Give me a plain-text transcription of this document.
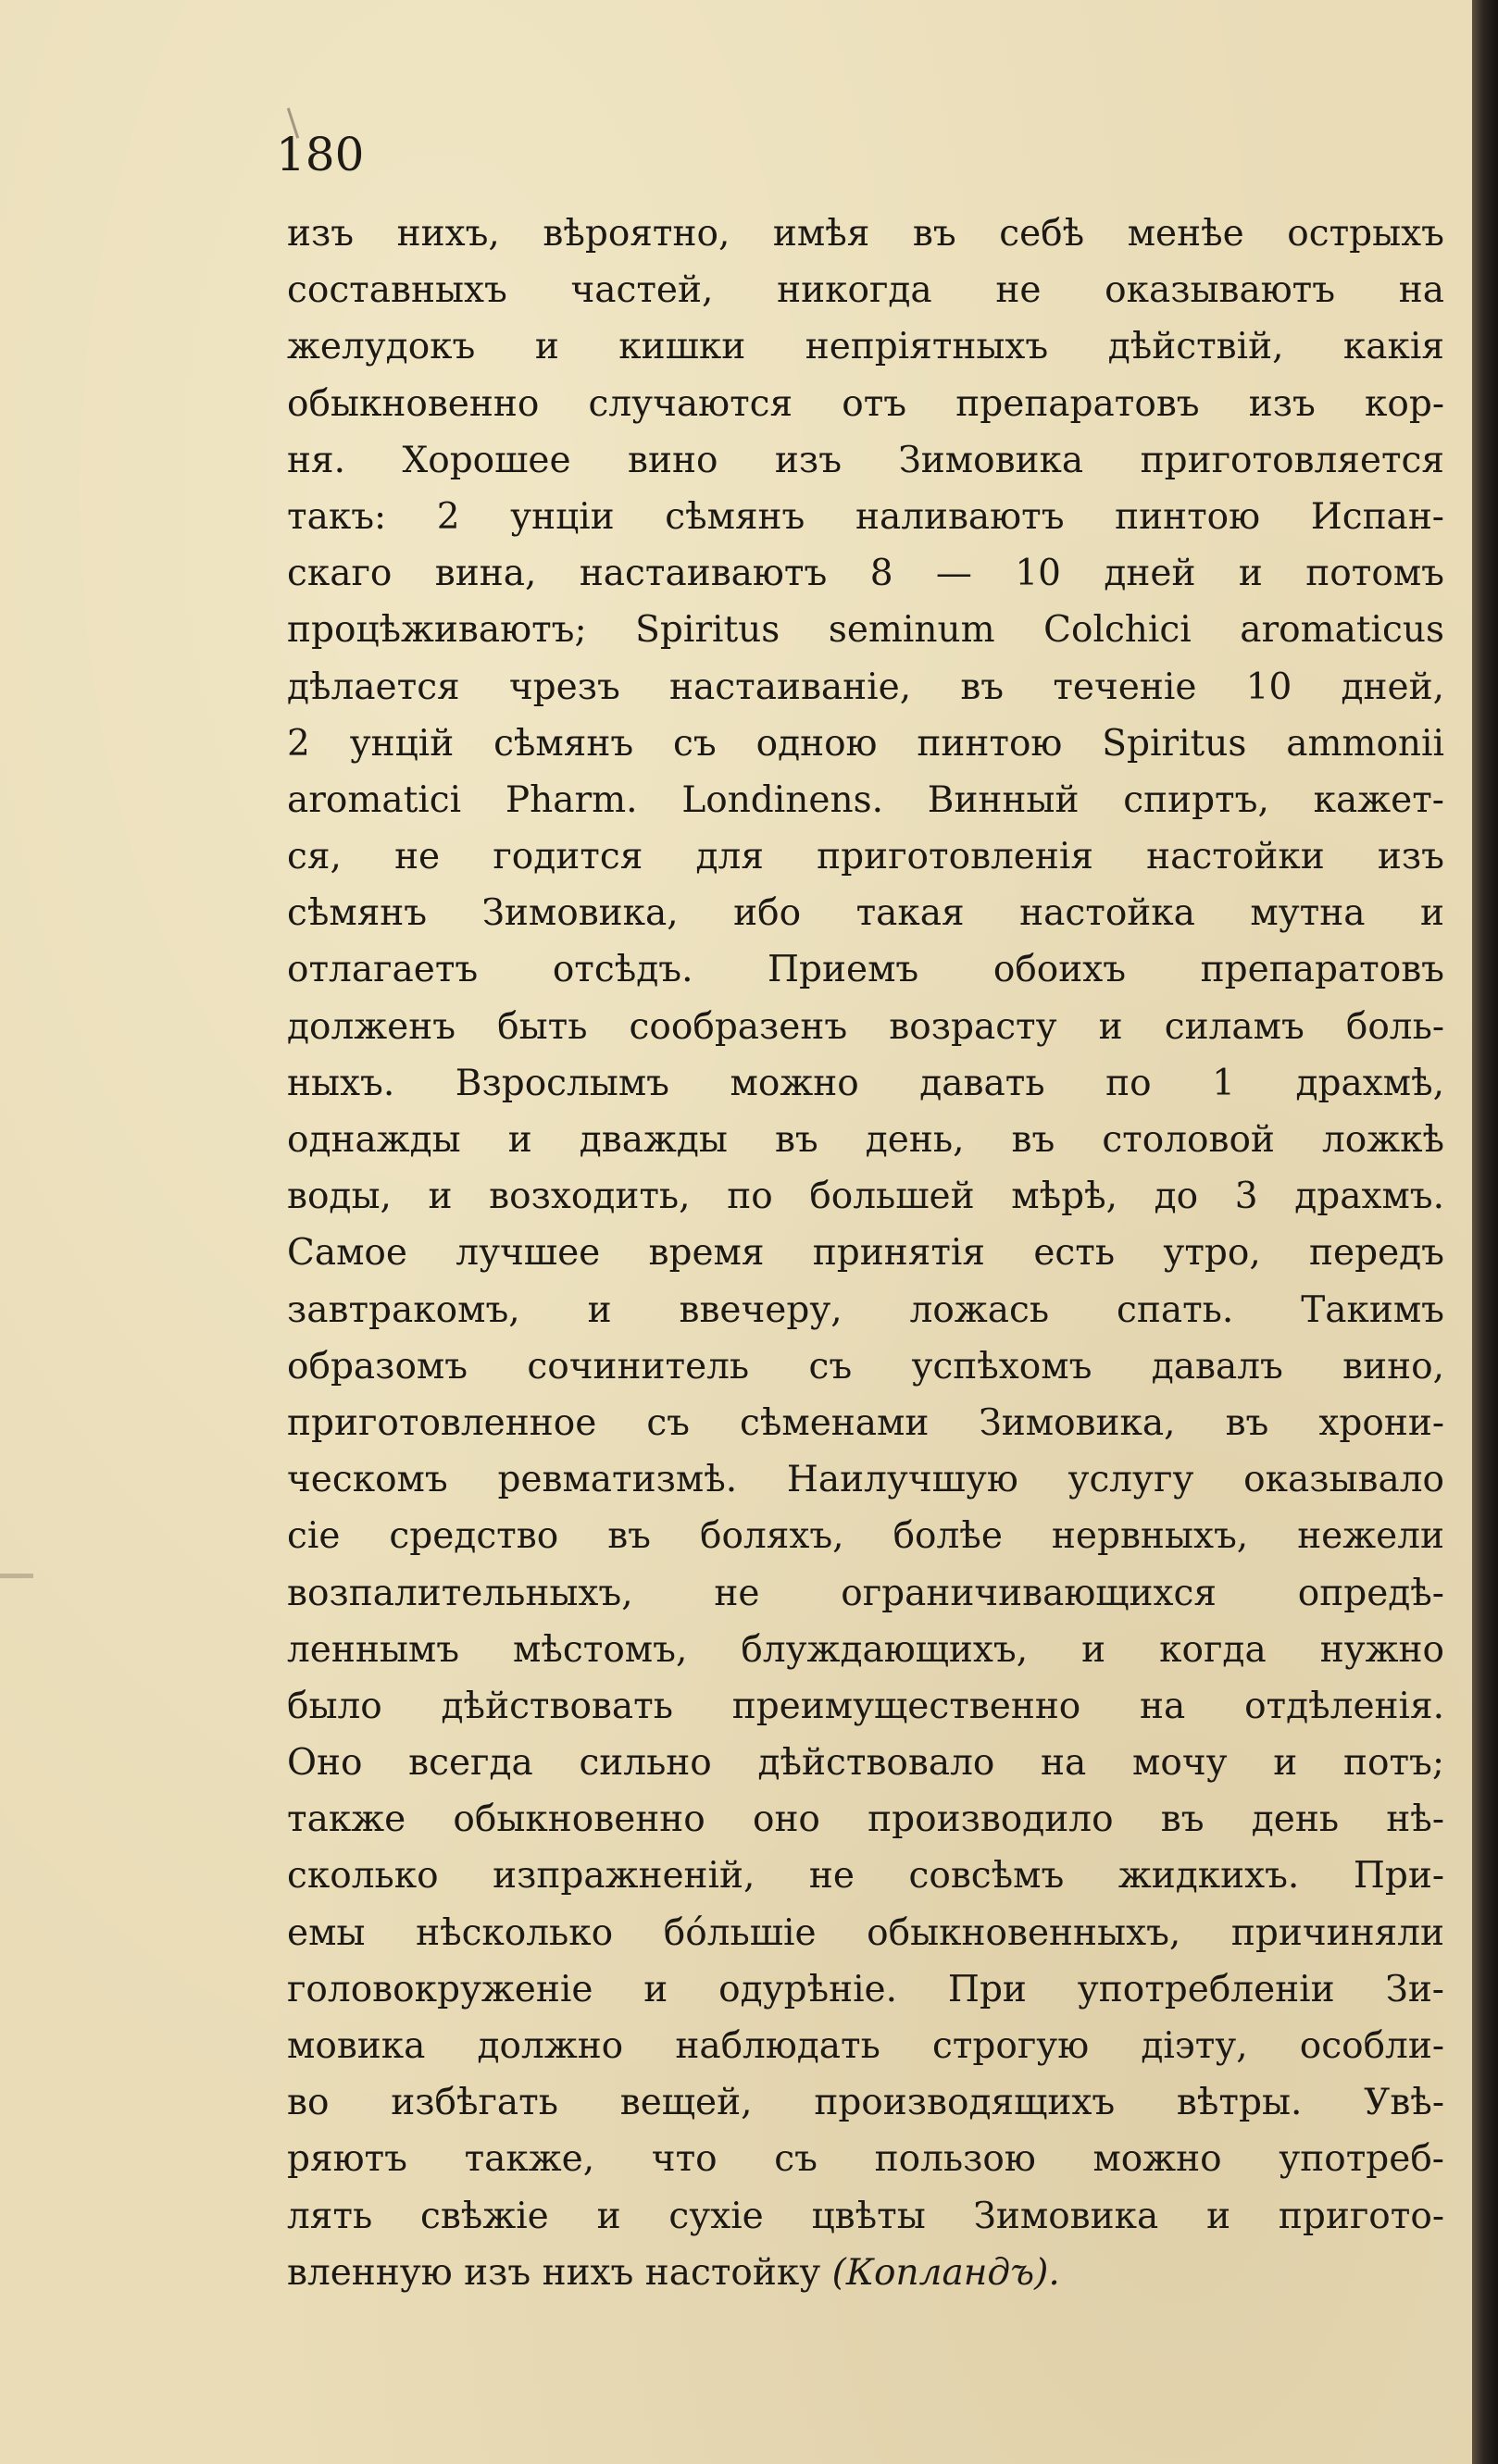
180

изъ нихъ, вѣроятно, имѣя въ себѣ менѣе острыхъ
составныхъ частей, никогда не оказываютъ на
желудокъ и кишки непріятныхъ дѣйствій, какія
обыкновенно случаются отъ препаратовъ изъ кор-
ня. Хорошее вино изъ Зимовика приготовляется
такъ: 2 унціи сѣмянъ наливаютъ пинтою Испан-
скаго вина, настаиваютъ 8 — 10 дней и потомъ
процѣживаютъ; Spiritus seminum Colchici aromaticus
дѣлается чрезъ настаиваніе, въ теченіе 10 дней,
2 унцій сѣмянъ съ одною пинтою Spiritus ammonii
aromatici Pharm. Londinens. Винный спиртъ, кажет-
ся, не годится для приготовленія настойки изъ
сѣмянъ Зимовика, ибо такая настойка мутна и
отлагаетъ отсѣдъ. Приемъ обоихъ препаратовъ
долженъ быть сообразенъ возрасту и силамъ боль-
ныхъ. Взрослымъ можно давать по 1 драхмѣ,
однажды и дважды въ день, въ столовой ложкѣ
воды, и возходить, по большей мѣрѣ, до 3 драхмъ.
Самое лучшее время принятія есть утро, передъ
завтракомъ, и ввечеру, ложась спать. Такимъ
образомъ сочинитель съ успѣхомъ давалъ вино,
приготовленное съ сѣменами Зимовика, въ хрони-
ческомъ ревматизмѣ. Наилучшую услугу оказывало
сіе средство въ боляхъ, болѣе нервныхъ, нежели
возпалительныхъ, не ограничивающихся опредѣ-
леннымъ мѣстомъ, блуждающихъ, и когда нужно
было дѣйствовать преимущественно на отдѣленія.
Оно всегда сильно дѣйствовало на мочу и потъ;
также обыкновенно оно производило въ день нѣ-
сколько изпражненій, не совсѣмъ жидкихъ. При-
емы нѣсколько бо́льшіе обыкновенныхъ, причиняли
головокруженіе и одурѣніе. При употребленіи Зи-
мовика должно наблюдать строгую діэту, особли-
во избѣгать вещей, производящихъ вѣтры. Увѣ-
ряютъ также, что съ пользою можно употреб-
лять свѣжіе и сухіе цвѣты Зимовика и пригото-
вленную изъ нихъ настойку (Копландъ).
